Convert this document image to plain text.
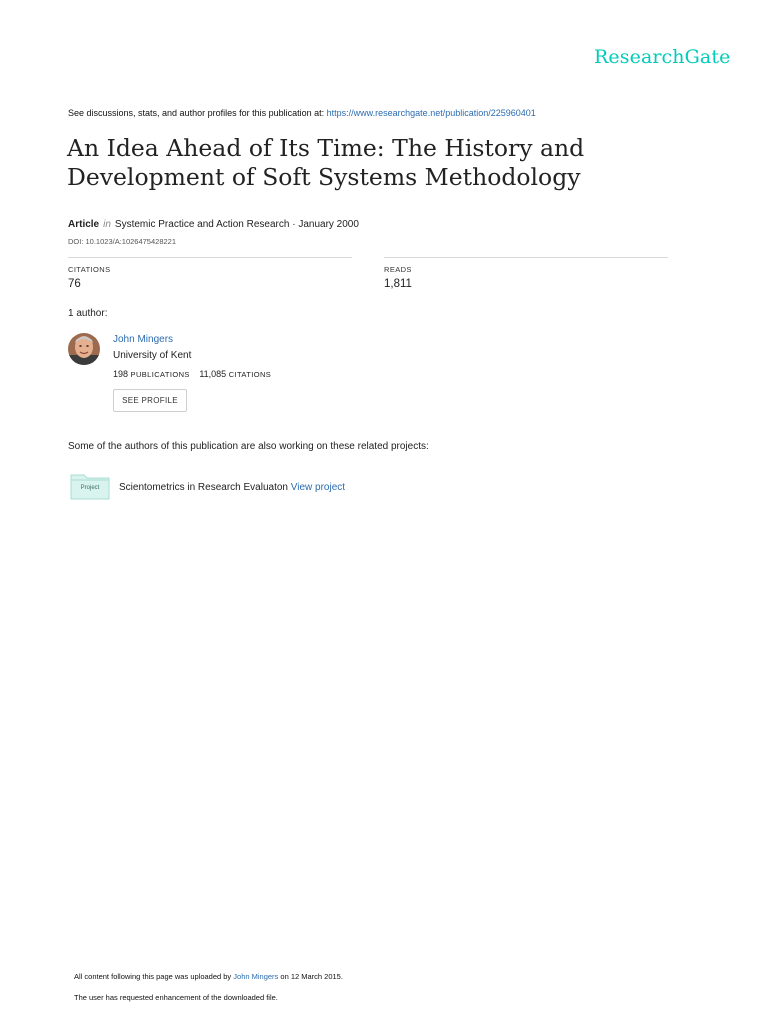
ResearchGate
See discussions, stats, and author profiles for this publication at: https://www.researchgate.net/publication/225960401
An Idea Ahead of Its Time: The History and
Development of Soft Systems Methodology
Article in Systemic Practice and Action Research · January 2000
DOI: 10.1023/A:1026475428221
CITATIONS
76
READS
1,811
1 author:
John Mingers
University of Kent
198 PUBLICATIONS 11,085 CITATIONS
SEE PROFILE
Some of the authors of this publication are also working on these related projects:
Project	Scientometrics in Research Evaluaton View project
All content following this page was uploaded by John Mingers on 12 March 2015.
The user has requested enhancement of the downloaded file.
